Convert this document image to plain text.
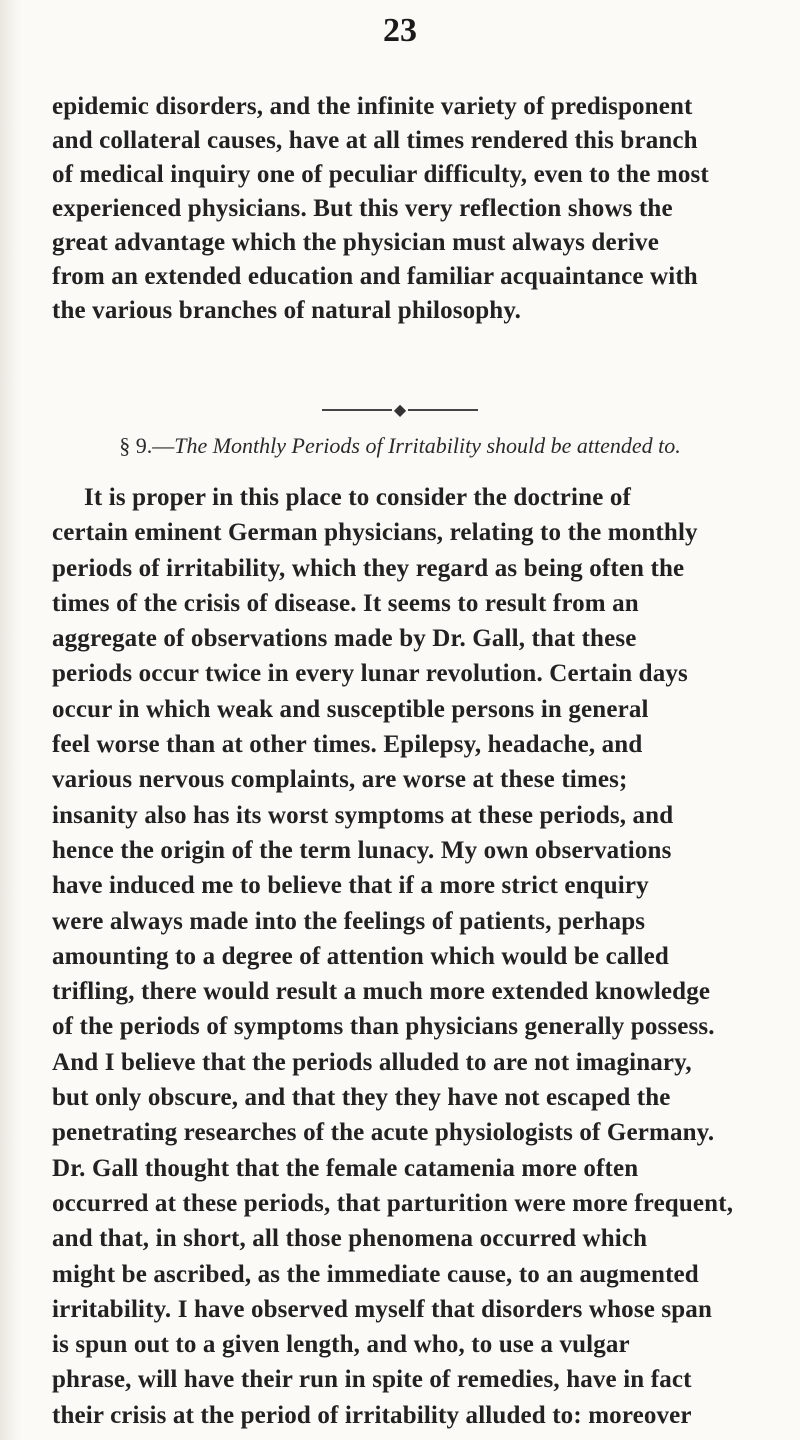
23
epidemic disorders, and the infinite variety of predisponent
and collateral causes, have at all times rendered this branch
of medical inquiry one of peculiar difficulty, even to the most
experienced physicians. But this very reflection shows the
great advantage which the physician must always derive
from an extended education and familiar acquaintance with
the various branches of natural philosophy.
◆
§ 9.—The Monthly Periods of Irritability should be attended to.
It is proper in this place to consider the doctrine of
certain eminent German physicians, relating to the monthly
periods of irritability, which they regard as being often the
times of the crisis of disease. It seems to result from an
aggregate of observations made by Dr. Gall, that these
periods occur twice in every lunar revolution. Certain days
occur in which weak and susceptible persons in general
feel worse than at other times. Epilepsy, headache, and
various nervous complaints, are worse at these times;
insanity also has its worst symptoms at these periods, and
hence the origin of the term lunacy. My own observations
have induced me to believe that if a more strict enquiry
were always made into the feelings of patients, perhaps
amounting to a degree of attention which would be called
trifling, there would result a much more extended knowledge
of the periods of symptoms than physicians generally possess.
And I believe that the periods alluded to are not imaginary,
but only obscure, and that they they have not escaped the
penetrating researches of the acute physiologists of Germany.
Dr. Gall thought that the female catamenia more often
occurred at these periods, that parturition were more frequent,
and that, in short, all those phenomena occurred which
might be ascribed, as the immediate cause, to an augmented
irritability. I have observed myself that disorders whose span
is spun out to a given length, and who, to use a vulgar
phrase, will have their run in spite of remedies, have in fact
their crisis at the period of irritability alluded to: moreover
